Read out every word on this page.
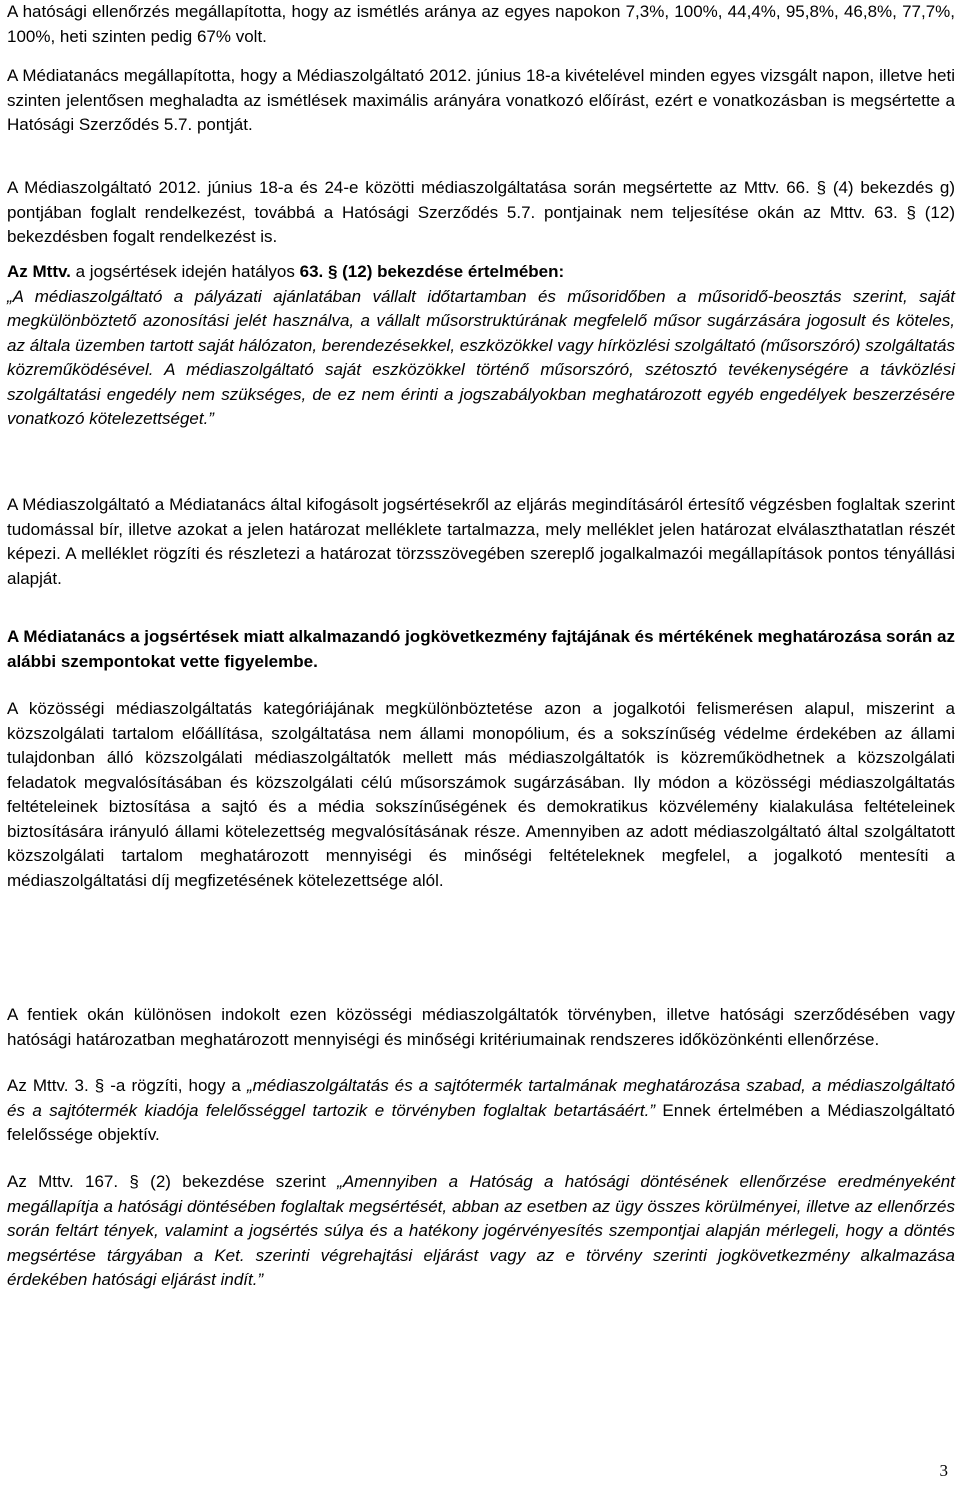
A hatósági ellenőrzés megállapította, hogy az ismétlés aránya az egyes napokon 7,3%, 100%, 44,4%, 95,8%, 46,8%, 77,7%, 100%, heti szinten pedig 67% volt.

A Médiatanács megállapította, hogy a Médiaszolgáltató 2012. június 18-a kivételével minden egyes vizsgált napon, illetve heti szinten jelentősen meghaladta az ismétlések maximális arányára vonatkozó előírást, ezért e vonatkozásban is megsértette a Hatósági Szerződés 5.7. pontját.

A Médiaszolgáltató 2012. június 18-a és 24-e közötti médiaszolgáltatása során megsértette az Mttv. 66. § (4) bekezdés g) pontjában foglalt rendelkezést, továbbá a Hatósági Szerződés 5.7. pontjainak nem teljesítése okán az Mttv. 63. § (12) bekezdésben fogalt rendelkezést is.

Az Mttv. a jogsértések idején hatályos 63. § (12) bekezdése értelmében:
„A médiaszolgáltató a pályázati ajánlatában vállalt időtartamban és műsoridőben a műsoridő-beosztás szerint, saját megkülönböztető azonosítási jelét használva, a vállalt műsorstruktúrának megfelelő műsor sugárzására jogosult és köteles, az általa üzemben tartott saját hálózaton, berendezésekkel, eszközökkel vagy hírközlési szolgáltató (műsorszóró) szolgáltatás közreműködésével. A médiaszolgáltató saját eszközökkel történő műsorszóró, szétosztó tevékenységére a távközlési szolgáltatási engedély nem szükséges, de ez nem érinti a jogszabályokban meghatározott egyéb engedélyek beszerzésére vonatkozó kötelezettséget.”

A Médiaszolgáltató a Médiatanács által kifogásolt jogsértésekről az eljárás megindításáról értesítő végzésben foglaltak szerint tudomással bír, illetve azokat a jelen határozat melléklete tartalmazza, mely melléklet jelen határozat elválaszthatatlan részét képezi. A melléklet rögzíti és részletezi a határozat törzsszövegében szereplő jogalkalmazói megállapítások pontos tényállási alapját.

A Médiatanács a jogsértések miatt alkalmazandó jogkövetkezmény fajtájának és mértékének meghatározása során az alábbi szempontokat vette figyelembe.

A közösségi médiaszolgáltatás kategóriájának megkülönböztetése azon a jogalkotói felismerésen alapul, miszerint a közszolgálati tartalom előállítása, szolgáltatása nem állami monopólium, és a sokszínűség védelme érdekében az állami tulajdonban álló közszolgálati médiaszolgáltatók mellett más médiaszolgáltatók is közreműködhetnek a közszolgálati feladatok megvalósításában és közszolgálati célú műsorszámok sugárzásában. Ily módon a közösségi médiaszolgáltatás feltételeinek biztosítása a sajtó és a média sokszínűségének és demokratikus közvélemény kialakulása feltételeinek biztosítására irányuló állami kötelezettség megvalósításának része. Amennyiben az adott médiaszolgáltató által szolgáltatott közszolgálati tartalom meghatározott mennyiségi és minőségi feltételeknek megfelel, a jogalkotó mentesíti a médiaszolgáltatási díj megfizetésének kötelezettsége alól.

A fentiek okán különösen indokolt ezen közösségi médiaszolgáltatók törvényben, illetve hatósági szerződésében vagy hatósági határozatban meghatározott mennyiségi és minőségi kritériumainak rendszeres időközönkénti ellenőrzése.

Az Mttv. 3. § -a rögzíti, hogy a „médiaszolgáltatás és a sajtótermék tartalmának meghatározása szabad, a médiaszolgáltató és a sajtótermék kiadója felelősséggel tartozik e törvényben foglaltak betartásáért.” Ennek értelmében a Médiaszolgáltató felelőssége objektív.

Az Mttv. 167. § (2) bekezdése szerint „Amennyiben a Hatóság a hatósági döntésének ellenőrzése eredményeként megállapítja a hatósági döntésében foglaltak megsértését, abban az esetben az ügy összes körülményei, illetve az ellenőrzés során feltárt tények, valamint a jogsértés súlya és a hatékony jogérvényesítés szempontjai alapján mérlegeli, hogy a döntés megsértése tárgyában a Ket. szerinti végrehajtási eljárást vagy az e törvény szerinti jogkövetkezmény alkalmazása érdekében hatósági eljárást indít.”

3
